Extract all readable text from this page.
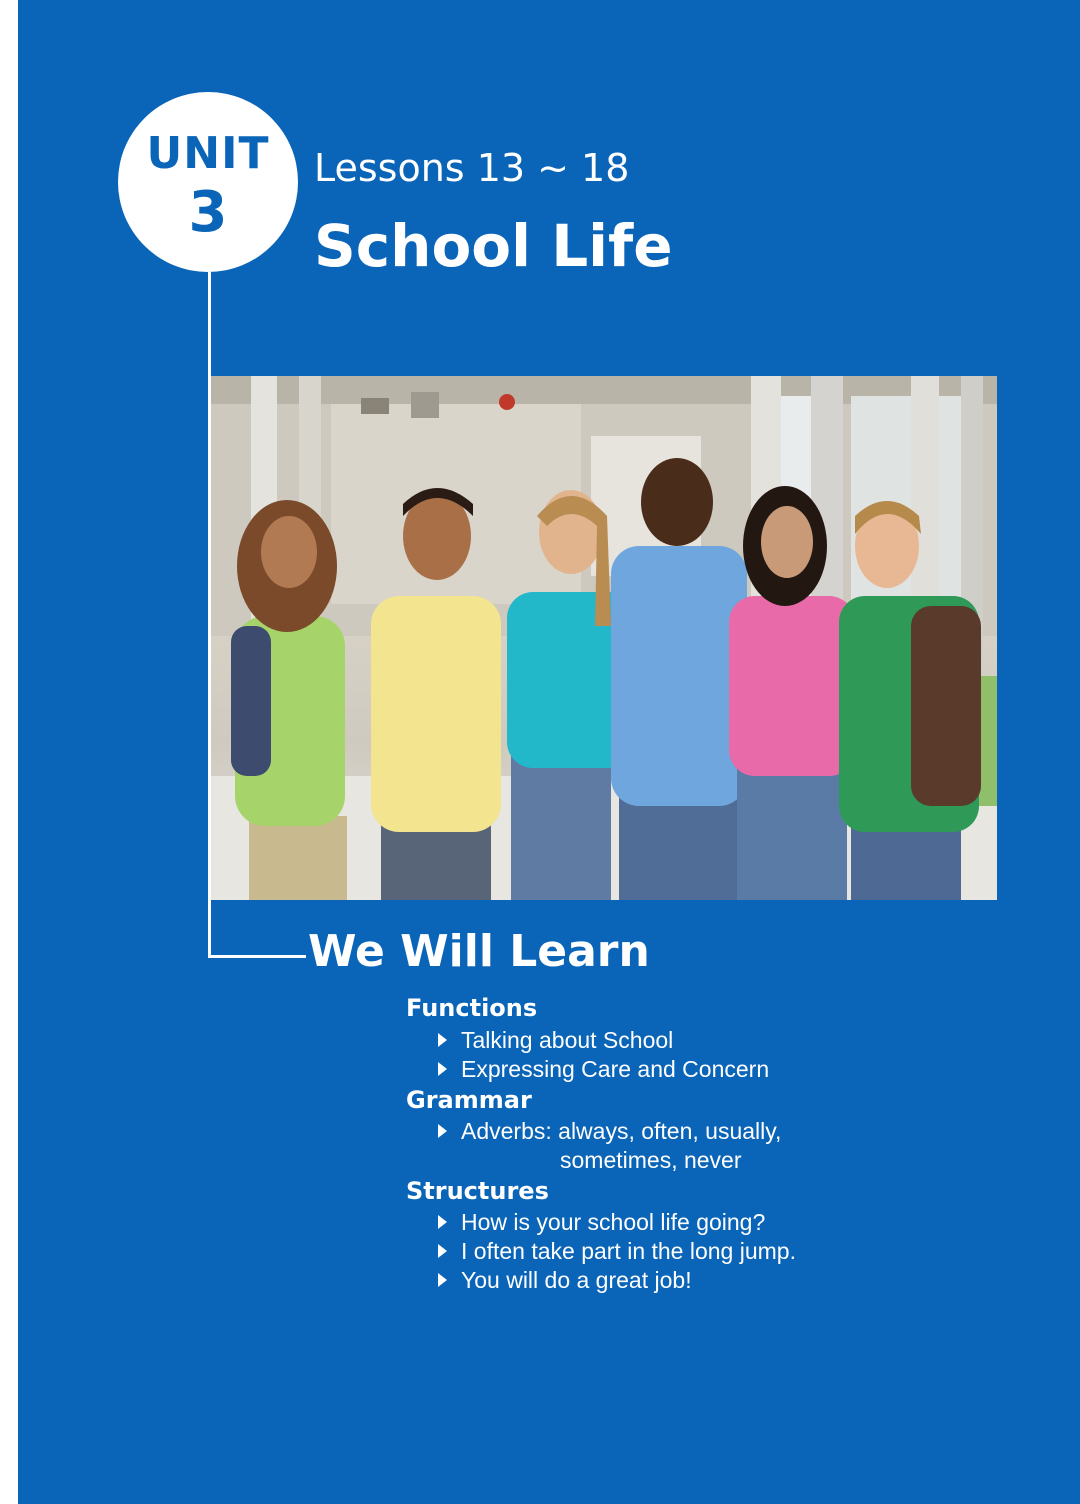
UNIT
3
Lessons 13 ~ 18
School Life
We Will Learn
Functions
Talking about School
Expressing Care and Concern
Grammar
Adverbs: always, often, usually,
sometimes, never
Structures
How is your school life going?
I often take part in the long jump.
You will do a great job!
